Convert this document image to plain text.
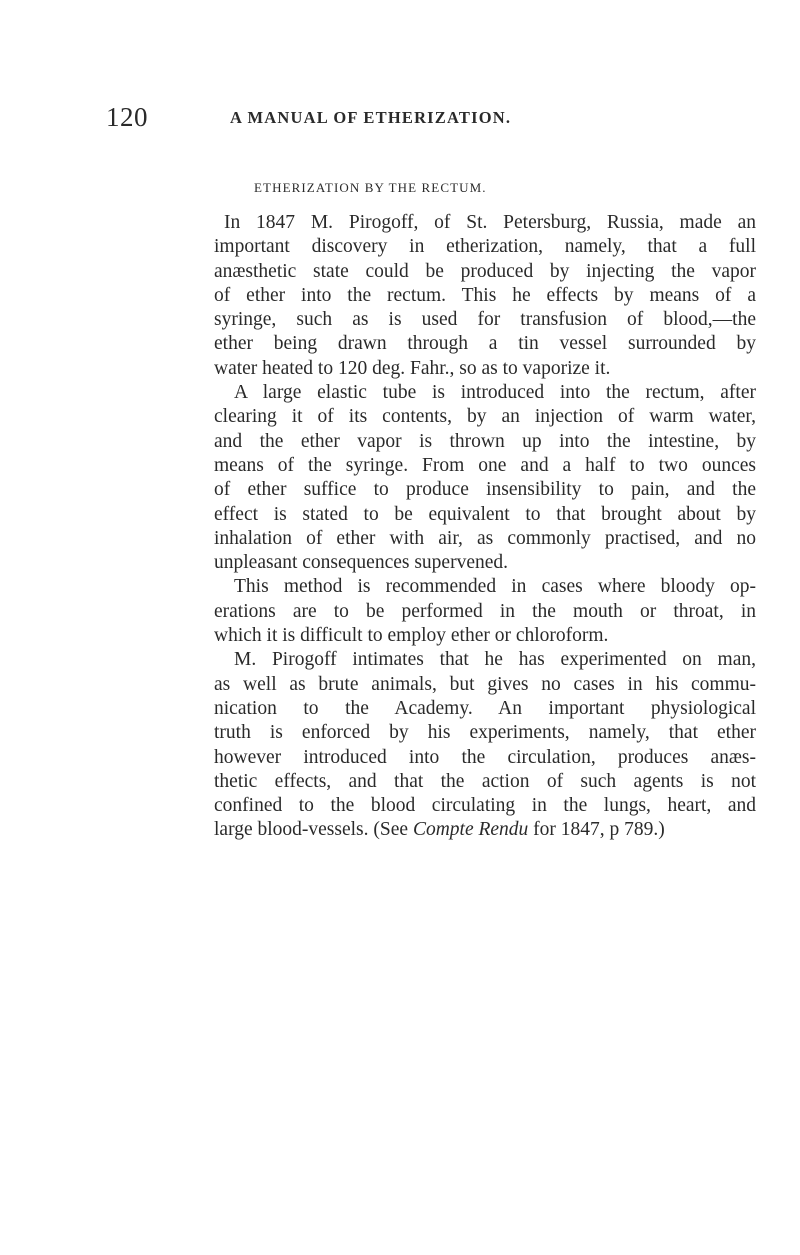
120	A MANUAL OF ETHERIZATION.
ETHERIZATION BY THE RECTUM.
In 1847 M. Pirogoff, of St. Petersburg, Russia, made an
important discovery in etherization, namely, that a full
anæsthetic state could be produced by injecting the vapor
of ether into the rectum. This he effects by means of a
syringe, such as is used for transfusion of blood,—the
ether being drawn through a tin vessel surrounded by
water heated to 120 deg. Fahr., so as to vaporize it.
A large elastic tube is introduced into the rectum, after
clearing it of its contents, by an injection of warm water,
and the ether vapor is thrown up into the intestine, by
means of the syringe. From one and a half to two ounces
of ether suffice to produce insensibility to pain, and the
effect is stated to be equivalent to that brought about by
inhalation of ether with air, as commonly practised, and no
unpleasant consequences supervened.
This method is recommended in cases where bloody op-
erations are to be performed in the mouth or throat, in
which it is difficult to employ ether or chloroform.
M. Pirogoff intimates that he has experimented on man,
as well as brute animals, but gives no cases in his commu-
nication to the Academy. An important physiological
truth is enforced by his experiments, namely, that ether
however introduced into the circulation, produces anæs-
thetic effects, and that the action of such agents is not
confined to the blood circulating in the lungs, heart, and
large blood-vessels. (See Compte Rendu for 1847, p 789.)
